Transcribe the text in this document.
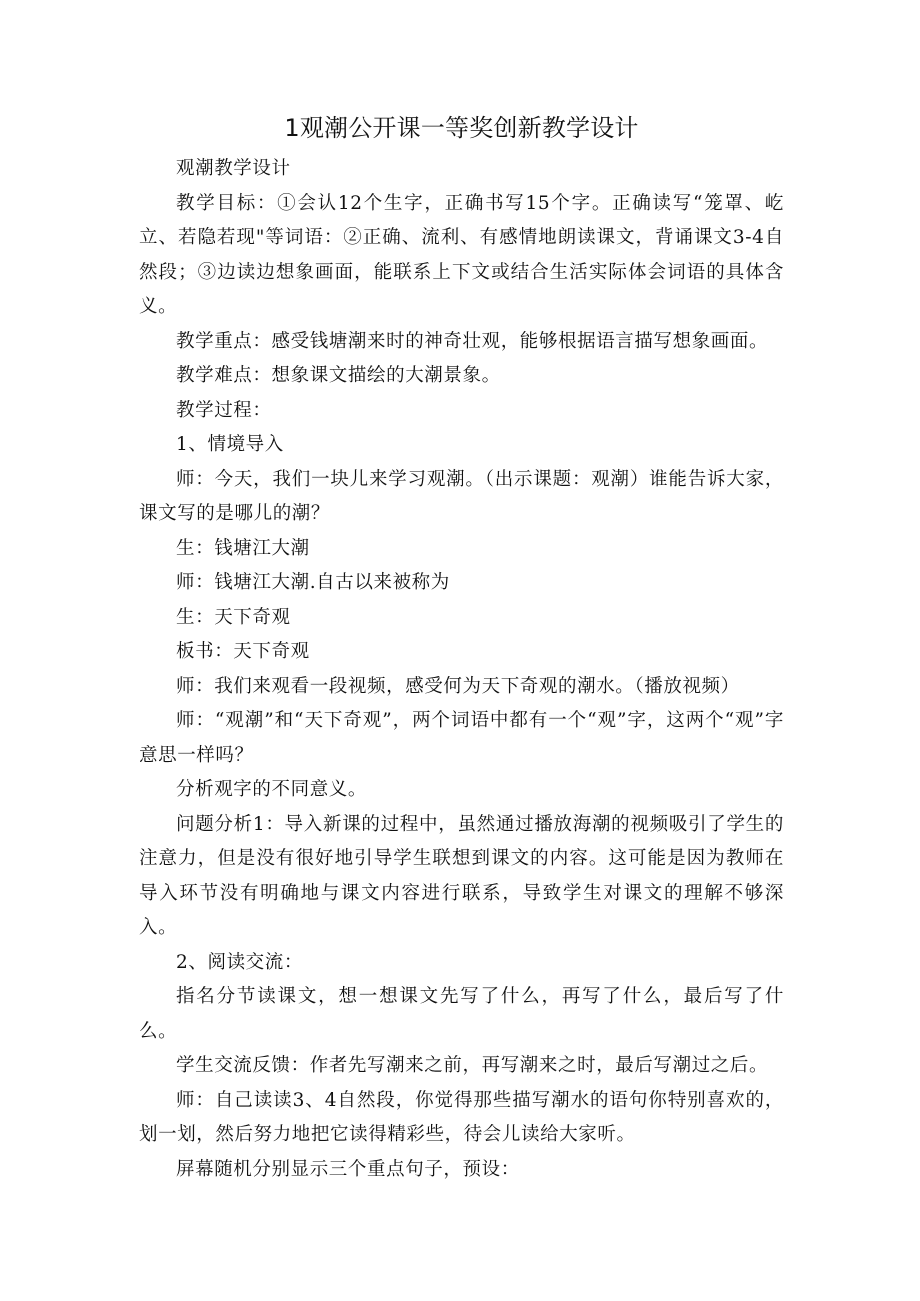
1观潮公开课一等奖创新教学设计

观潮教学设计

教学目标：①会认12个生字，正确书写15个字。正确读写“笼罩、屹立、若隐若现"等词语：②正确、流利、有感情地朗读课文，背诵课文3-4自然段；③边读边想象画面，能联系上下文或结合生活实际体会词语的具体含义。

教学重点：感受钱塘潮来时的神奇壮观，能够根据语言描写想象画面。

教学难点：想象课文描绘的大潮景象。

教学过程：

1、情境导入

师：今天，我们一块儿来学习观潮。（出示课题：观潮）谁能告诉大家，课文写的是哪儿的潮？

生：钱塘江大潮

师：钱塘江大潮.自古以来被称为

生：天下奇观

板书：天下奇观

师：我们来观看一段视频，感受何为天下奇观的潮水。（播放视频）

师：“观潮”和“天下奇观”，两个词语中都有一个“观”字，这两个“观”字意思一样吗？

分析观字的不同意义。

问题分析1：导入新课的过程中，虽然通过播放海潮的视频吸引了学生的注意力，但是没有很好地引导学生联想到课文的内容。这可能是因为教师在导入环节没有明确地与课文内容进行联系，导致学生对课文的理解不够深入。

2、阅读交流：

指名分节读课文，想一想课文先写了什么，再写了什么，最后写了什么。

学生交流反馈：作者先写潮来之前，再写潮来之时，最后写潮过之后。

师：自己读读3、4自然段，你觉得那些描写潮水的语句你特别喜欢的，划一划，然后努力地把它读得精彩些，待会儿读给大家听。

屏幕随机分别显示三个重点句子，预设：
